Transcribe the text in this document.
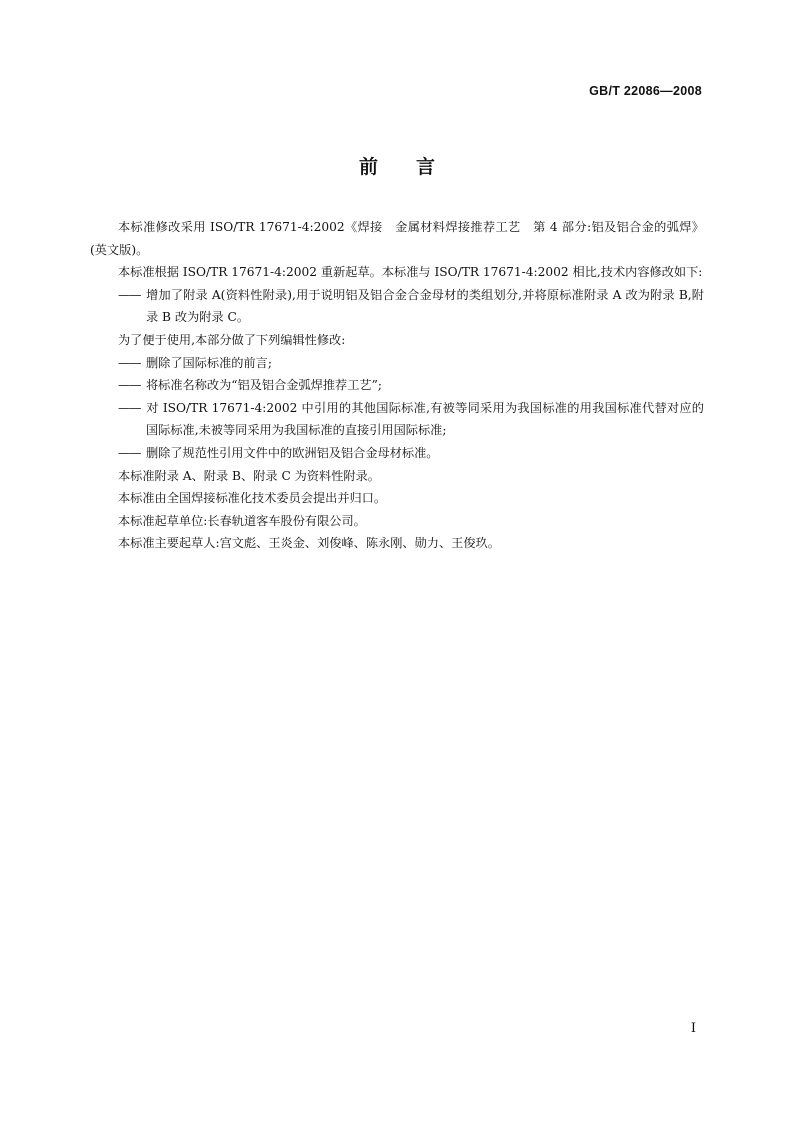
GB/T 22086—2008
前 言

本标准修改采用 ISO/TR 17671-4:2002《焊接　金属材料焊接推荐工艺　第 4 部分:铝及铝合金的弧焊》(英文版)。

本标准根据 ISO/TR 17671-4:2002 重新起草。本标准与 ISO/TR 17671-4:2002 相比,技术内容修改如下:

—— 增加了附录 A(资料性附录),用于说明铝及铝合金合金母材的类组划分,并将原标准附录 A 改为附录 B,附录 B 改为附录 C。

为了便于使用,本部分做了下列编辑性修改:

—— 删除了国际标准的前言;

—— 将标准名称改为“铝及铝合金弧焊推荐工艺”;

—— 对 ISO/TR 17671-4:2002 中引用的其他国际标准,有被等同采用为我国标准的用我国标准代替对应的国际标准,未被等同采用为我国标准的直接引用国际标准;

—— 删除了规范性引用文件中的欧洲铝及铝合金母材标准。

本标准附录 A、附录 B、附录 C 为资料性附录。

本标准由全国焊接标准化技术委员会提出并归口。

本标准起草单位:长春轨道客车股份有限公司。

本标准主要起草人:宫文彪、王炎金、刘俊峰、陈永刚、勋力、王俊玖。

I
